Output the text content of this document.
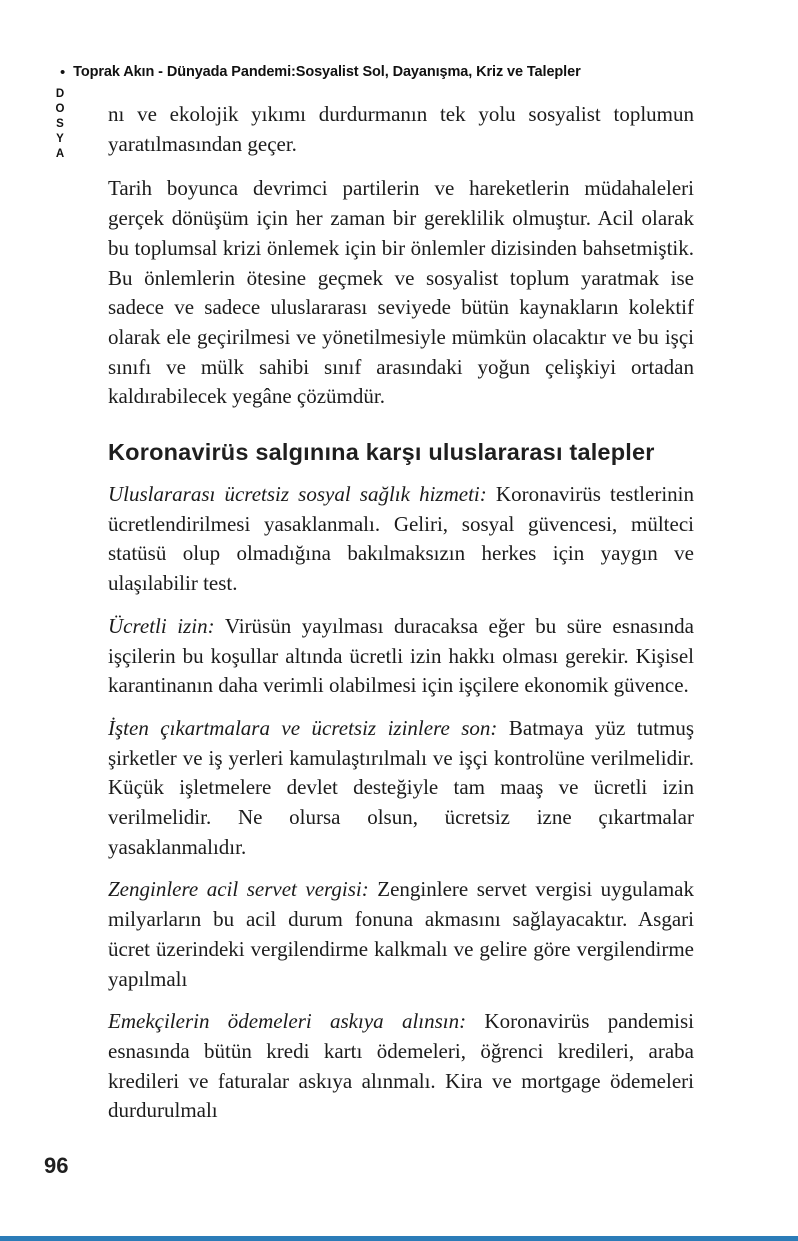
• Toprak Akın - Dünyada Pandemi:Sosyalist Sol, Dayanışma, Kriz ve Talepler
DOSYA nı ve ekolojik yıkımı durdurmanın tek yolu sosyalist toplumun yaratılmasından geçer.

Tarih boyunca devrimci partilerin ve hareketlerin müdahaleleri gerçek dönüşüm için her zaman bir gereklilik olmuştur. Acil olarak bu toplumsal krizi önlemek için bir önlemler dizisinden bahsetmiştik. Bu önlemlerin ötesine geçmek ve sosyalist toplum yaratmak ise sadece ve sadece uluslararası seviyede bütün kaynakların kolektif olarak ele geçirilmesi ve yönetilmesiyle mümkün olacaktır ve bu işçi sınıfı ve mülk sahibi sınıf arasındaki yoğun çelişkiyi ortadan kaldırabilecek yegâne çözümdür.

Koronavirüs salgınına karşı uluslararası talepler

Uluslararası ücretsiz sosyal sağlık hizmeti: Koronavirüs testlerinin ücretlendirilmesi yasaklanmalı. Geliri, sosyal güvencesi, mülteci statüsü olup olmadığına bakılmaksızın herkes için yaygın ve ulaşılabilir test.

Ücretli izin: Virüsün yayılması duracaksa eğer bu süre esnasında işçilerin bu koşullar altında ücretli izin hakkı olması gerekir. Kişisel karantinanın daha verimli olabilmesi için işçilere ekonomik güvence.

İşten çıkartmalara ve ücretsiz izinlere son: Batmaya yüz tutmuş şirketler ve iş yerleri kamulaştırılmalı ve işçi kontrolüne verilmelidir. Küçük işletmelere devlet desteğiyle tam maaş ve ücretli izin verilmelidir. Ne olursa olsun, ücretsiz izne çıkartmalar yasaklanmalıdır.

Zenginlere acil servet vergisi: Zenginlere servet vergisi uygulamak milyarların bu acil durum fonuna akmasını sağlayacaktır. Asgari ücret üzerindeki vergilendirme kalkmalı ve gelire göre vergilendirme yapılmalı

Emekçilerin ödemeleri askıya alınsın: Koronavirüs pandemisi esnasında bütün kredi kartı ödemeleri, öğrenci kredileri, araba kredileri ve faturalar askıya alınmalı. Kira ve mortgage ödemeleri durdurulmalı

96
